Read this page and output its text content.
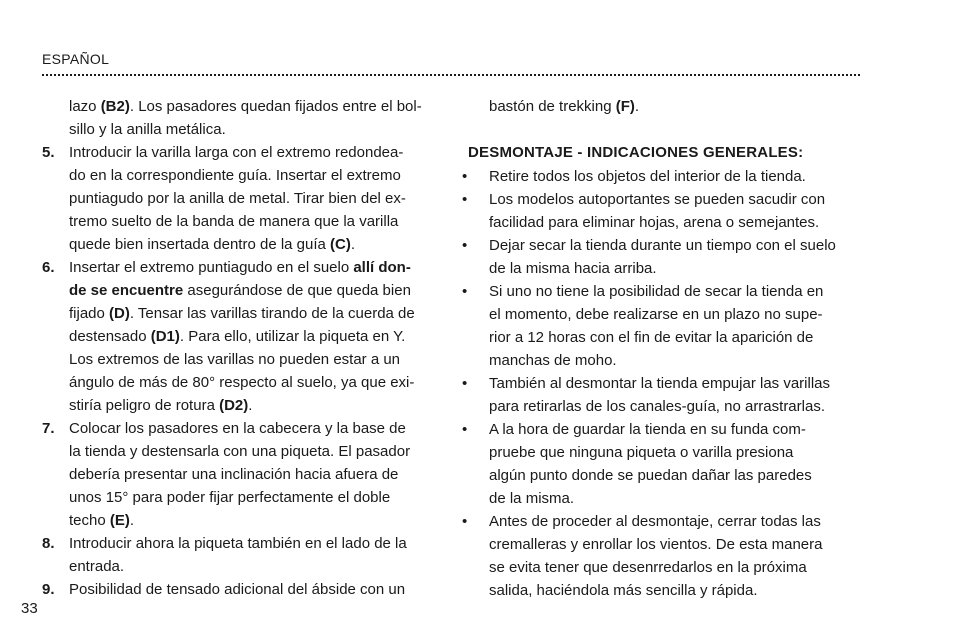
ESPAÑOL
lazo (B2). Los pasadores quedan fijados entre el bol-
sillo y la anilla metálica.
5. Introducir la varilla larga con el extremo redondea-
do en la correspondiente guía. Insertar el extremo
puntiagudo por la anilla de metal. Tirar bien del ex-
tremo suelto de la banda de manera que la varilla
quede bien insertada dentro de la guía (C).
6. Insertar el extremo puntiagudo en el suelo allí don-
de se encuentre asegurándose de que queda bien
fijado (D). Tensar las varillas tirando de la cuerda de
destensado (D1). Para ello, utilizar la piqueta en Y.
Los extremos de las varillas no pueden estar a un
ángulo de más de 80° respecto al suelo, ya que exi-
stiría peligro de rotura (D2).
7. Colocar los pasadores en la cabecera y la base de
la tienda y destensarla con una piqueta. El pasador
debería presentar una inclinación hacia afuera de
unos 15° para poder fijar perfectamente el doble
techo (E).
8. Introducir ahora la piqueta también en el lado de la
entrada.
9. Posibilidad de tensado adicional del ábside con un
bastón de trekking (F).
DESMONTAJE - INDICACIONES GENERALES:
• Retire todos los objetos del interior de la tienda.
• Los modelos autoportantes se pueden sacudir con
facilidad para eliminar hojas, arena o semejantes.
• Dejar secar la tienda durante un tiempo con el suelo
de la misma hacia arriba.
• Si uno no tiene la posibilidad de secar la tienda en
el momento, debe realizarse en un plazo no supe-
rior a 12 horas con el fin de evitar la aparición de
manchas de moho.
• También al desmontar la tienda empujar las varillas
para retirarlas de los canales-guía, no arrastrarlas.
• A la hora de guardar la tienda en su funda com-
pruebe que ninguna piqueta o varilla presiona
algún punto donde se puedan dañar las paredes
de la misma.
• Antes de proceder al desmontaje, cerrar todas las
cremalleras y enrollar los vientos. De esta manera
se evita tener que desenrredarlos en la próxima
salida, haciéndola más sencilla y rápida.
33
